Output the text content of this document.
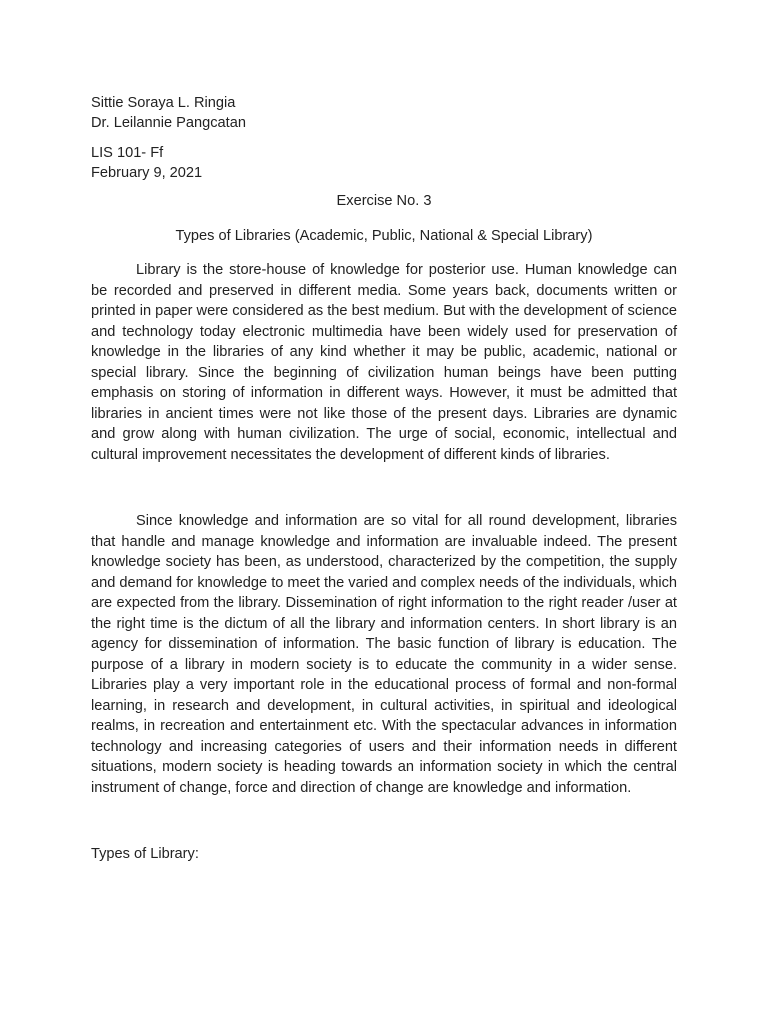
Sittie Soraya L. Ringia

Dr. Leilannie Pangcatan

LIS 101- Ff

February 9, 2021

Exercise No. 3

Types of Libraries (Academic, Public, National & Special Library)

Library is the store-house of knowledge for posterior use. Human knowledge can be recorded and preserved in different media. Some years back, documents written or printed in paper were considered as the best medium. But with the development of science and technology today electronic multimedia have been widely used for preservation of knowledge in the libraries of any kind whether it may be public, academic, national or special library. Since the beginning of civilization human beings have been putting emphasis on storing of information in different ways. However, it must be admitted that libraries in ancient times were not like those of the present days. Libraries are dynamic and grow along with human civilization. The urge of social, economic, intellectual and cultural improvement necessitates the development of different kinds of libraries.

Since knowledge and information are so vital for all round development, libraries that handle and manage knowledge and information are invaluable indeed. The present knowledge society has been, as understood, characterized by the competition, the supply and demand for knowledge to meet the varied and complex needs of the individuals, which are expected from the library. Dissemination of right information to the right reader /user at the right time is the dictum of all the library and information centers. In short library is an agency for dissemination of information. The basic function of library is education. The purpose of a library in modern society is to educate the community in a wider sense. Libraries play a very important role in the educational process of formal and non-formal learning, in research and development, in cultural activities, in spiritual and ideological realms, in recreation and entertainment etc. With the spectacular advances in information technology and increasing categories of users and their information needs in different situations, modern society is heading towards an information society in which the central instrument of change, force and direction of change are knowledge and information.

Types of Library:
